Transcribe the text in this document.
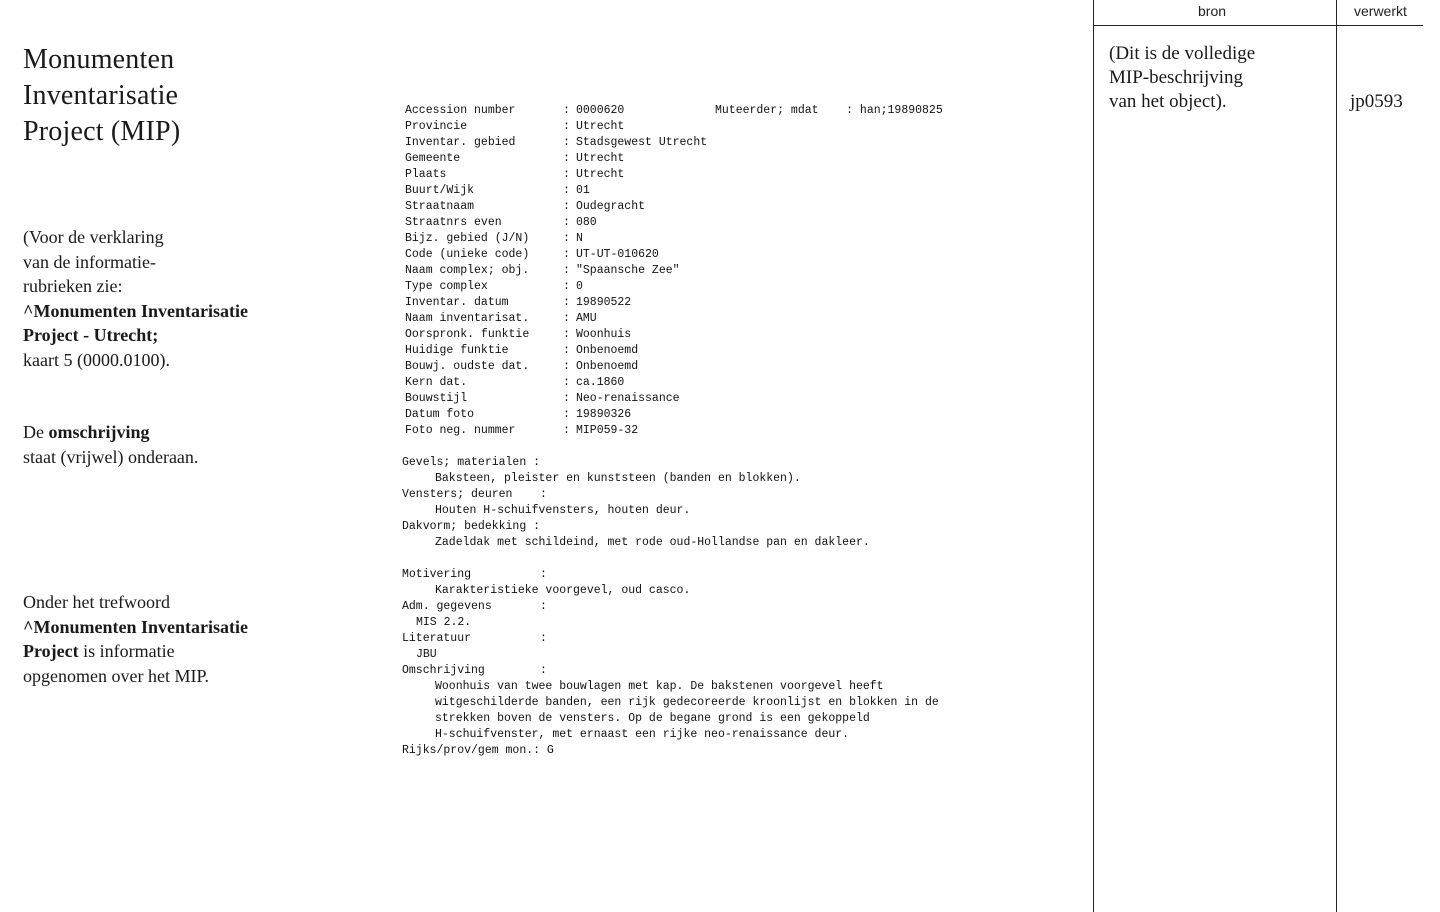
Monumenten
Inventarisatie
Project (MIP)

(Voor de verklaring
van de informatie-
rubrieken zie:
^Monumenten Inventarisatie
Project - Utrecht;
kaart 5 (0000.0100).

De omschrijving
staat (vrijwel) onderaan.

Onder het trefwoord
^Monumenten Inventarisatie
Project is informatie
opgenomen over het MIP.

Muteerder; mdat    : han;19890825
Accession number	: 0000620
Provincie	: Utrecht
Inventar. gebied	: Stadsgewest Utrecht
Gemeente	: Utrecht
Plaats	: Utrecht
Buurt/Wijk	: 01
Straatnaam	: Oudegracht
Straatnrs even	: 080
Bijz. gebied (J/N)	: N
Code (unieke code)	: UT-UT-010620
Naam complex; obj.	: "Spaansche Zee"
Type complex	: 0
Inventar. datum	: 19890522
Naam inventarisat.	: AMU
Oorspronk. funktie	: Woonhuis
Huidige funktie	: Onbenoemd
Bouwj. oudste dat.	: Onbenoemd
Kern dat.	: ca.1860
Bouwstijl	: Neo-renaissance
Datum foto	: 19890326
Foto neg. nummer	: MIP059-32
Gevels; materialen :
Baksteen, pleister en kunststeen (banden en blokken).
Vensters; deuren    :
Houten H-schuifvensters, houten deur.
Dakvorm; bedekking :
Zadeldak met schildeind, met rode oud-Hollandse pan en dakleer.
Motivering          :
Karakteristieke voorgevel, oud casco.
Adm. gegevens       :
MIS 2.2.
Literatuur          :
JBU
Omschrijving        :
Woonhuis van twee bouwlagen met kap. De bakstenen voorgevel heeft
witgeschilderde banden, een rijk gedecoreerde kroonlijst en blokken in de
strekken boven de vensters. Op de begane grond is een gekoppeld
H-schuifvenster, met ernaast een rijke neo-renaissance deur.
Rijks/prov/gem mon.: G
bron	verwerkt

(Dit is de volledige
MIP-beschrijving
van het object).	jp0593
